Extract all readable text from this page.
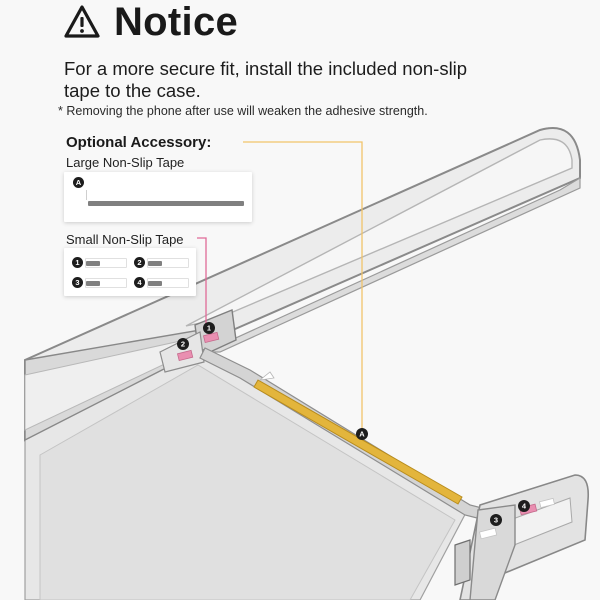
1
2
3
4
A
Notice

For a more secure fit, install the included non-slip tape to the case.

* Removing the phone after use will weaken the adhesive strength.

Optional Accessory:

Large Non-Slip Tape

A

Small Non-Slip Tape

1	2
3	4
